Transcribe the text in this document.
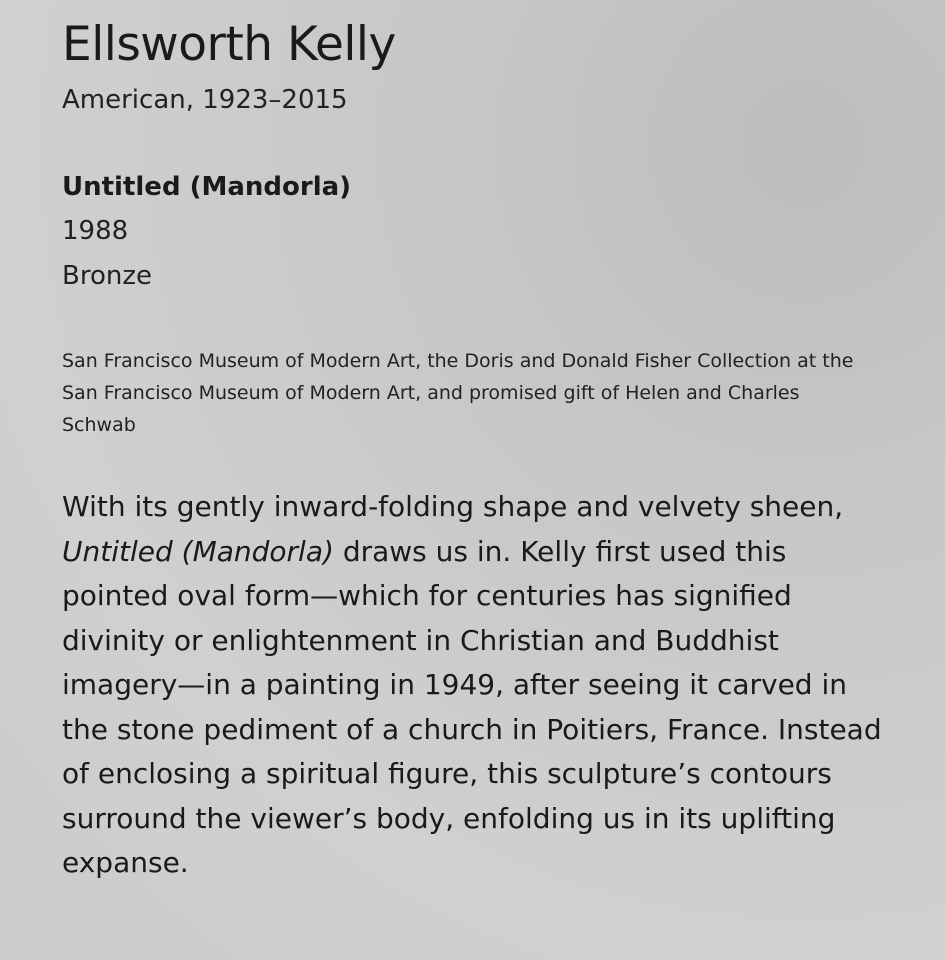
Ellsworth Kelly

American, 1923–2015

Untitled (Mandorla)

1988

Bronze

San Francisco Museum of Modern Art, the Doris and Donald Fisher Collection at the San Francisco Museum of Modern Art, and promised gift of Helen and Charles Schwab

With its gently inward-folding shape and velvety sheen, Untitled (Mandorla) draws us in. Kelly first used this pointed oval form—which for centuries has signified divinity or enlightenment in Christian and Buddhist imagery—in a painting in 1949, after seeing it carved in the stone pediment of a church in Poitiers, France. Instead of enclosing a spiritual figure, this sculpture’s contours surround the viewer’s body, enfolding us in its uplifting expanse.
